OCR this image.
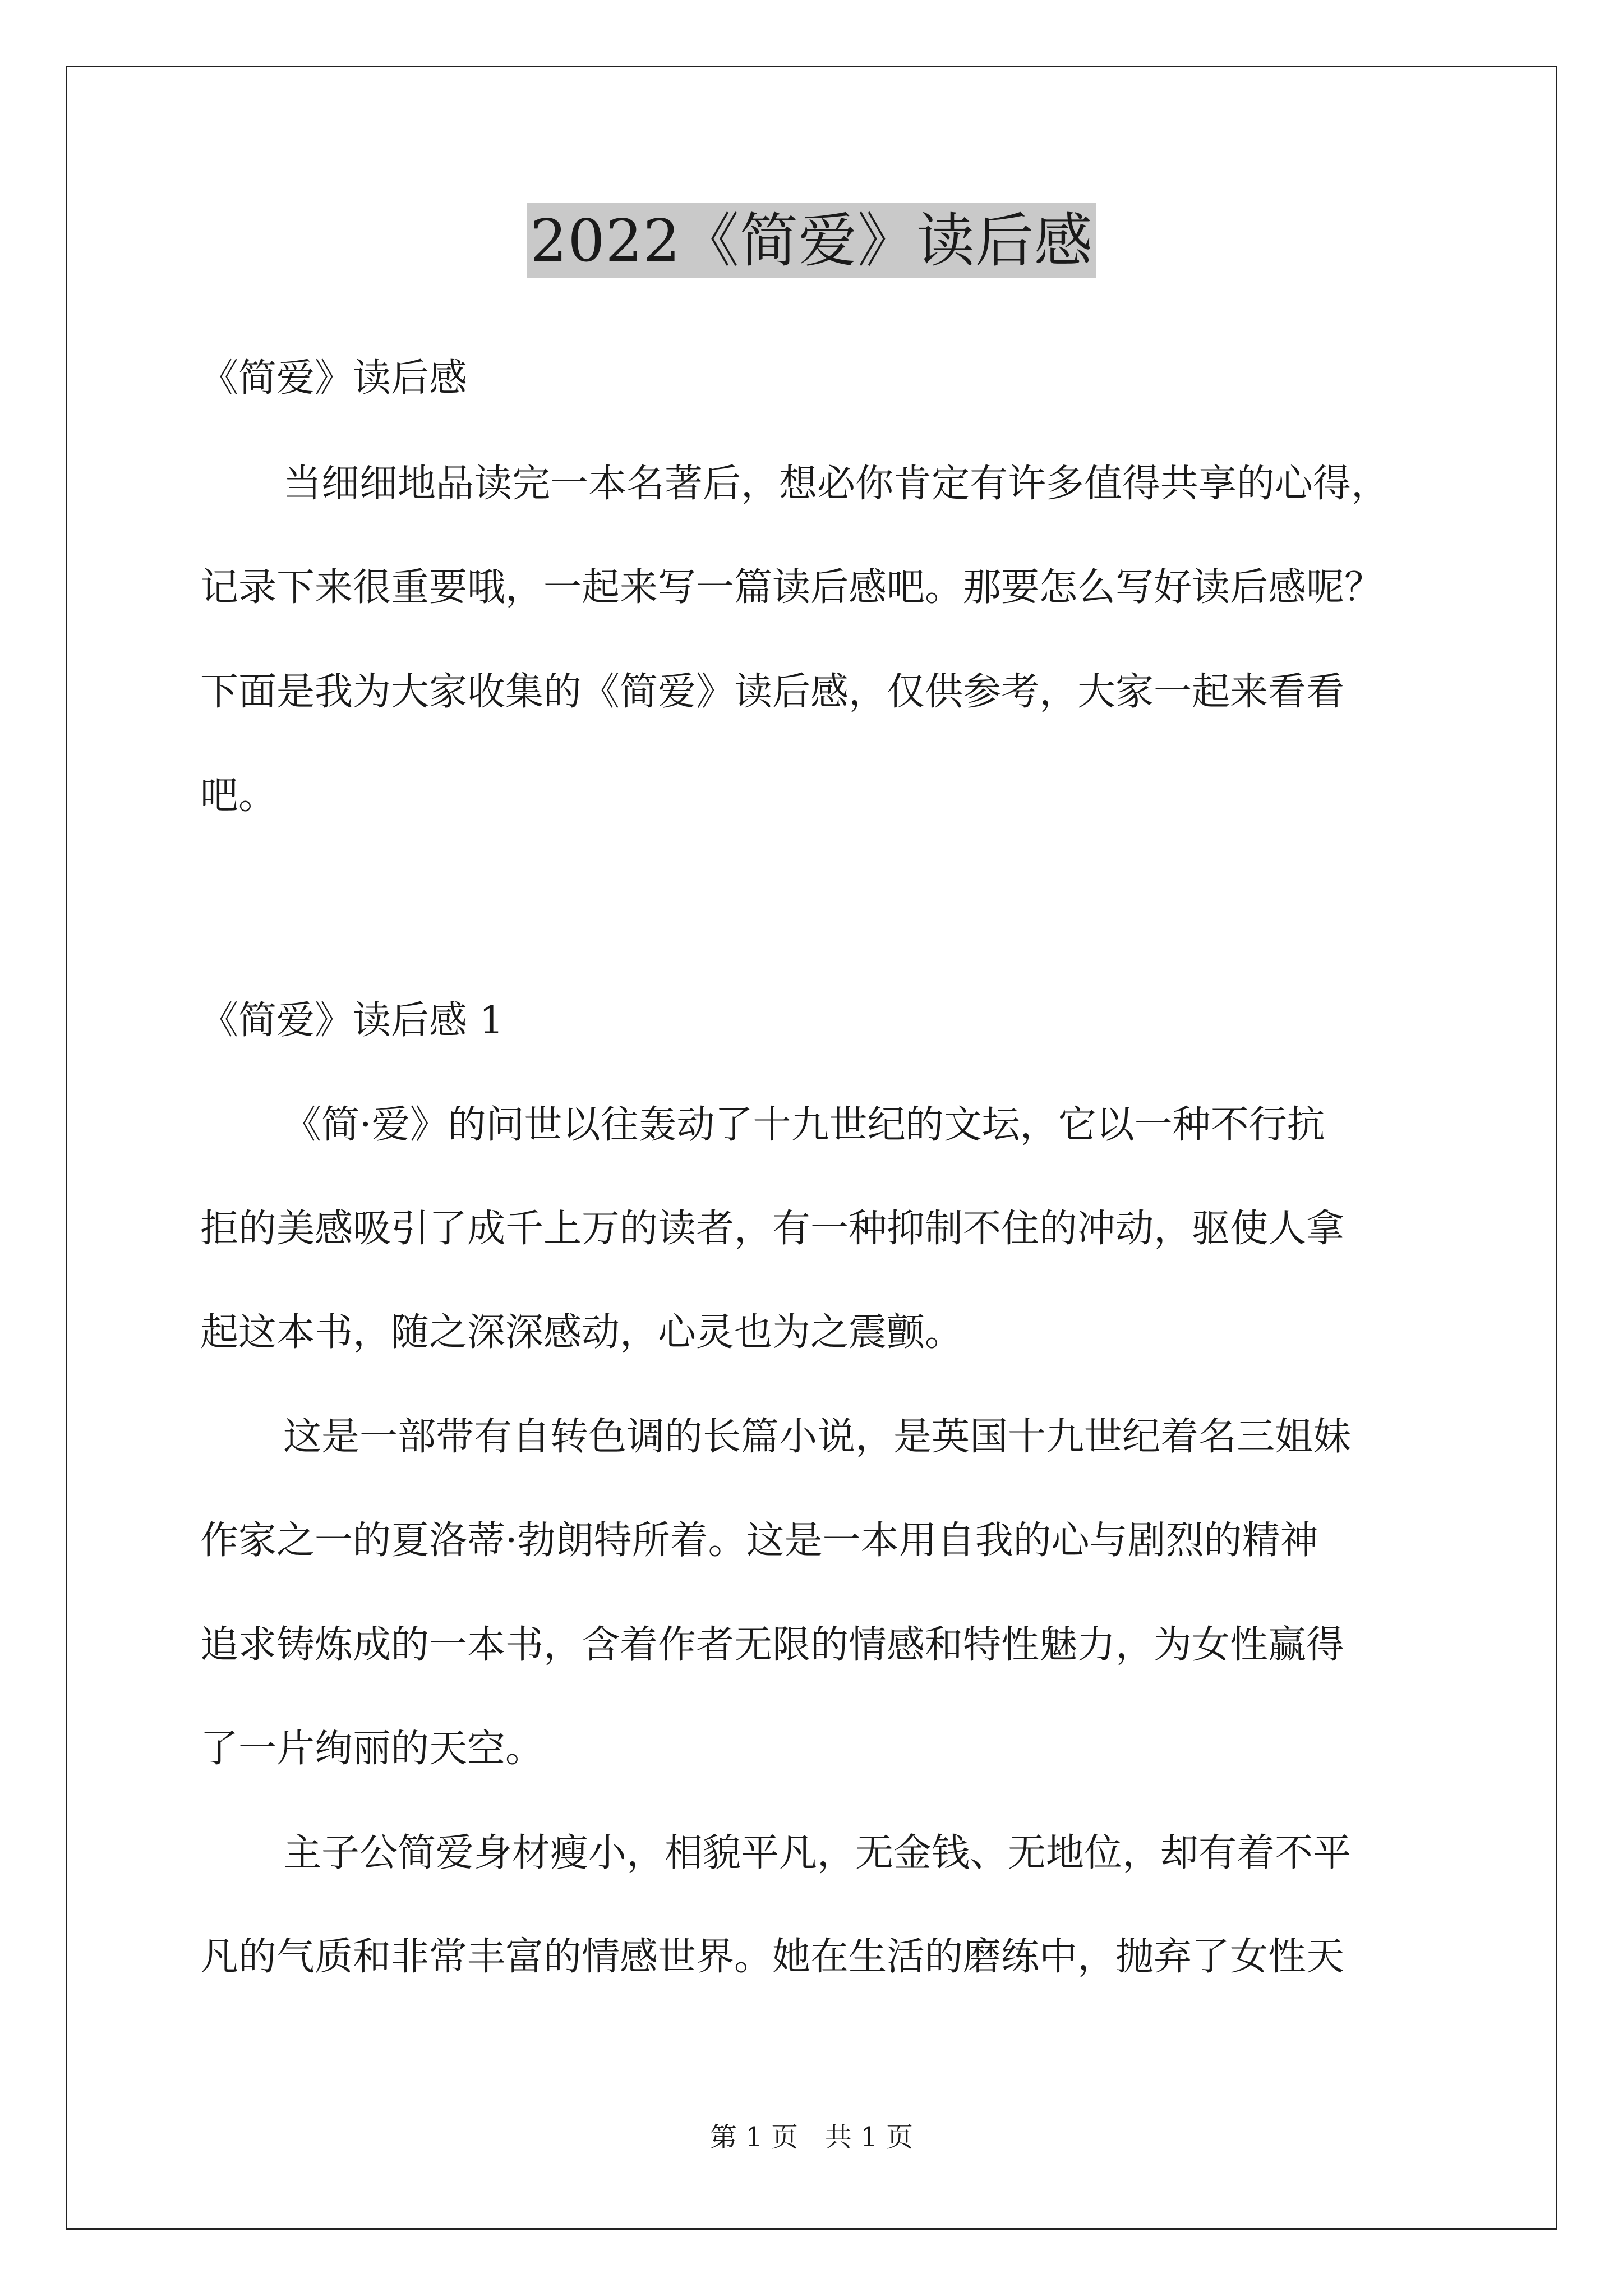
2022《简爱》读后感
《简爱》读后感
当细细地品读完一本名著后，想必你肯定有许多值得共享的心得，
记录下来很重要哦，一起来写一篇读后感吧。那要怎么写好读后感呢？
下面是我为大家收集的《简爱》读后感，仅供参考，大家一起来看看
吧。
《简爱》读后感 1
《简·爱》的问世以往轰动了十九世纪的文坛，它以一种不行抗
拒的美感吸引了成千上万的读者，有一种抑制不住的冲动，驱使人拿
起这本书，随之深深感动，心灵也为之震颤。
这是一部带有自转色调的长篇小说，是英国十九世纪着名三姐妹
作家之一的夏洛蒂·勃朗特所着。这是一本用自我的心与剧烈的精神
追求铸炼成的一本书，含着作者无限的情感和特性魅力，为女性赢得
了一片绚丽的天空。
主子公简爱身材瘦小，相貌平凡，无金钱、无地位，却有着不平
凡的气质和非常丰富的情感世界。她在生活的磨练中，抛弃了女性天
第 1 页　共 1 页
